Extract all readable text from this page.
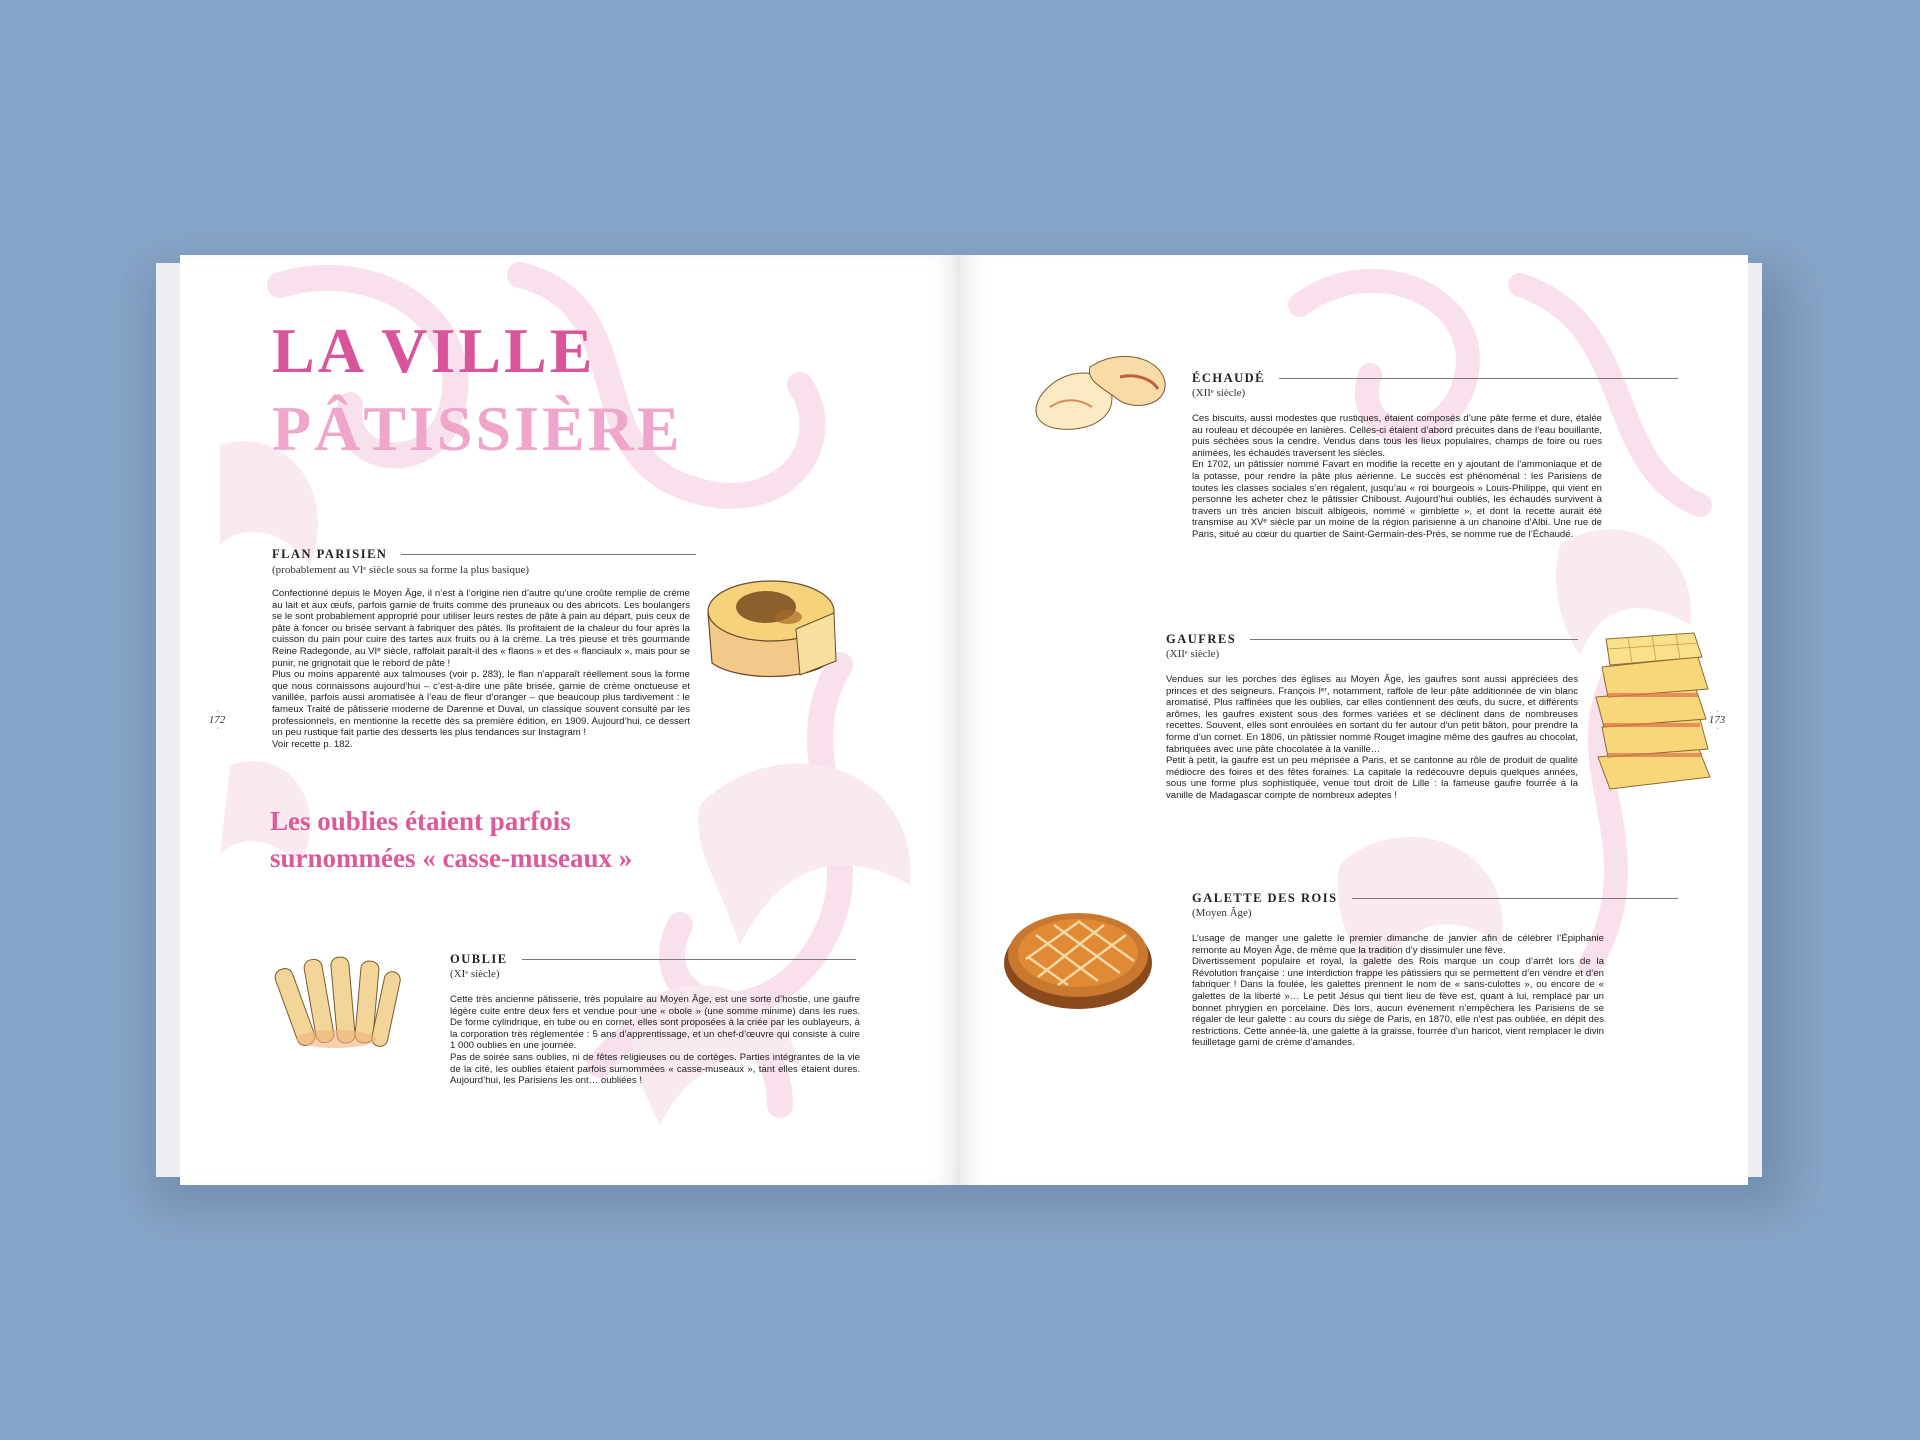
LA VILLE
PÂTISSIÈRE
FLAN PARISIEN
(probablement au VIᵉ siècle sous sa forme la plus basique)

Confectionné depuis le Moyen Âge, il n’est à l’origine rien d’autre qu’une croûte remplie de crème au lait et aux œufs, parfois garnie de fruits comme des pruneaux ou des abricots. Les boulangers se le sont probablement approprié pour utiliser leurs restes de pâte à pain au départ, puis ceux de pâte à foncer ou brisée servant à fabriquer des pâtés. Ils profitaient de la chaleur du four après la cuisson du pain pour cuire des tartes aux fruits ou à la crème. La très pieuse et très gourmande Reine Radegonde, au VIᵉ siècle, raffolait paraît-il des « flaons » et des « flanciaulx », mais pour se punir, ne grignotait que le rebord de pâte !

Plus ou moins apparenté aux talmouses (voir p. 283), le flan n’apparaît réellement sous la forme que nous connaissons aujourd’hui – c’est-à-dire une pâte brisée, garnie de crème onctueuse et vanillée, parfois aussi aromatisée à l’eau de fleur d’oranger – que beaucoup plus tardivement : le fameux Traité de pâtisserie moderne de Darenne et Duval, un classique souvent consulté par les professionnels, en mentionne la recette dès sa première édition, en 1909. Aujourd’hui, ce dessert un peu rustique fait partie des desserts les plus tendances sur Instagram !

Voir recette p. 182.

⋅
172
⋅
Les oublies étaient parfois surnommées « casse-museaux »
OUBLIE
(XIᵉ siècle)

Cette très ancienne pâtisserie, très populaire au Moyen Âge, est une sorte d’hostie, une gaufre légère cuite entre deux fers et vendue pour une « obole » (une somme minime) dans les rues. De forme cylindrique, en tube ou en cornet, elles sont proposées à la criée par les oublayeurs, à la corporation très réglementée : 5 ans d’apprentissage, et un chef-d’œuvre qui consiste à cuire 1 000 oublies en une journée.

Pas de soirée sans oublies, ni de fêtes religieuses ou de cortèges. Parties intégrantes de la vie de la cité, les oublies étaient parfois surnommées « casse-museaux », tant elles étaient dures. Aujourd’hui, les Parisiens les ont… oubliées !

ÉCHAUDÉ
(XIIᵉ siècle)

Ces biscuits, aussi modestes que rustiques, étaient composés d’une pâte ferme et dure, étalée au rouleau et découpée en lanières. Celles-ci étaient d’abord précuites dans de l’eau bouillante, puis séchées sous la cendre. Vendus dans tous les lieux populaires, champs de foire ou rues animées, les échaudés traversent les siècles.

En 1702, un pâtissier nommé Favart en modifie la recette en y ajoutant de l’ammoniaque et de la potasse, pour rendre la pâte plus aérienne. Le succès est phénoménal : les Parisiens de toutes les classes sociales s’en régalent, jusqu’au « roi bourgeois » Louis-Philippe, qui vient en personne les acheter chez le pâtissier Chiboust. Aujourd’hui oubliés, les échaudés survivent à travers un très ancien biscuit albigeois, nommé « gimblette », et dont la recette aurait été transmise au XVᵉ siècle par un moine de la région parisienne à un chanoine d’Albi. Une rue de Paris, situé au cœur du quartier de Saint-Germain-des-Prés, se nomme rue de l’Échaudé.

GAUFRES
(XIIᵉ siècle)

Vendues sur les porches des églises au Moyen Âge, les gaufres sont aussi appréciées des princes et des seigneurs. François Iᵉʳ, notamment, raffole de leur pâte additionnée de vin blanc aromatisé. Plus raffinées que les oublies, car elles contiennent des œufs, du sucre, et différents arômes, les gaufres existent sous des formes variées et se déclinent dans de nombreuses recettes. Souvent, elles sont enroulées en sortant du fer autour d’un petit bâton, pour prendre la forme d’un cornet. En 1806, un pâtissier nommé Rouget imagine même des gaufres au chocolat, fabriquées avec une pâte chocolatée à la vanille…

Petit à petit, la gaufre est un peu méprisée à Paris, et se cantonne au rôle de produit de qualité médiocre des foires et des fêtes foraines. La capitale la redécouvre depuis quelques années, sous une forme plus sophistiquée, venue tout droit de Lille : la fameuse gaufre fourrée à la vanille de Madagascar compte de nombreux adeptes !

⋅
173
⋅
GALETTE DES ROIS
(Moyen Âge)

L’usage de manger une galette le premier dimanche de janvier afin de célébrer l’Épiphanie remonte au Moyen Âge, de même que la tradition d’y dissimuler une fève.

Divertissement populaire et royal, la galette des Rois marque un coup d’arrêt lors de la Révolution française : une interdiction frappe les pâtissiers qui se permettent d’en vendre et d’en fabriquer ! Dans la foulée, les galettes prennent le nom de « sans-culottes », ou encore de « galettes de la liberté »… Le petit Jésus qui tient lieu de fève est, quant à lui, remplacé par un bonnet phrygien en porcelaine. Dès lors, aucun événement n’empêchera les Parisiens de se régaler de leur galette : au cours du siège de Paris, en 1870, elle n’est pas oubliée, en dépit des restrictions. Cette année-là, une galette à la graisse, fourrée d’un haricot, vient remplacer le divin feuilletage garni de crème d’amandes.
